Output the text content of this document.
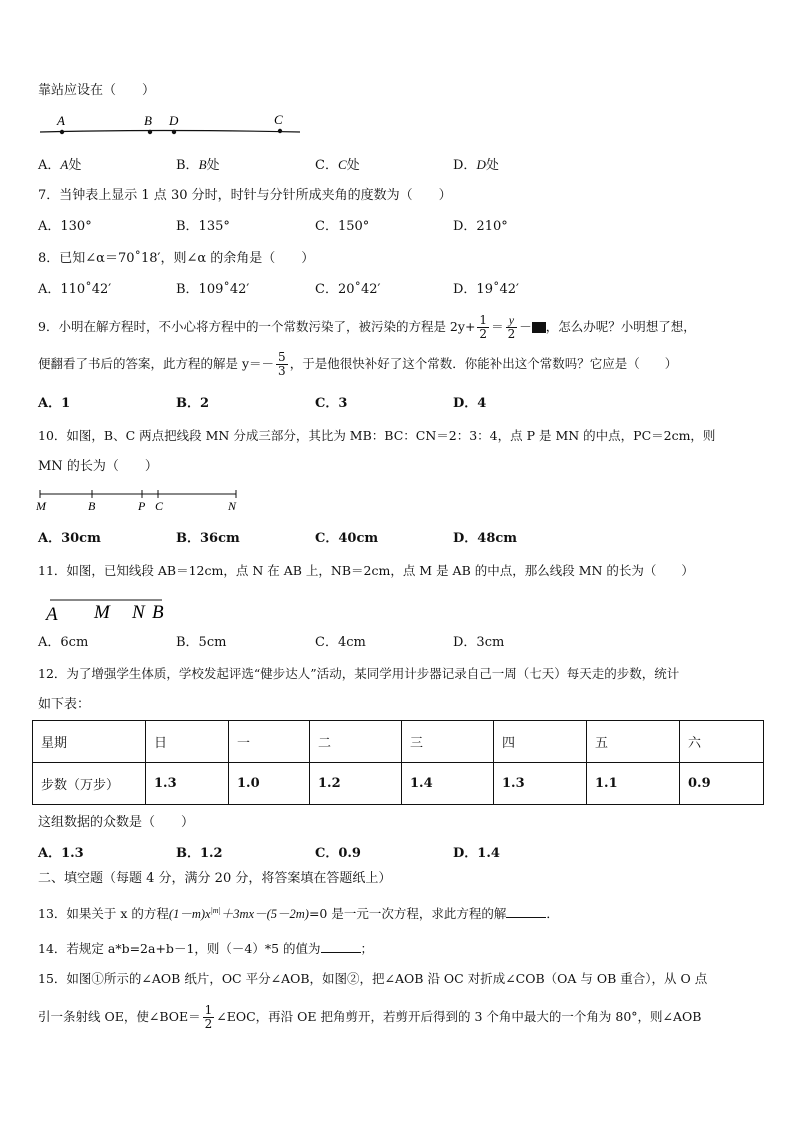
靠站应设在（　　）
A	B D	C
A．A处	B．B处	C．C处	D．D处
7．当钟表上显示 1 点 30 分时，时针与分针所成夹角的度数为（　　）
A．130°	B．135°	C．150°	D．210°
8．已知∠α＝70˚18′，则∠α 的余角是（　　）
A．110˚42′	B．109˚42′	C．20˚42′	D．19˚42′
9．小明在解方程时，不小心将方程中的一个常数污染了，被污染的方程是 $2y+ \frac{1}{2} = \frac{y}{2}$ － ，怎么办呢？小明想了想，
便翻看了书后的答案，此方程的解是 $y=- \frac{5}{3}$ ，于是他很快补好了这个常数．你能补出这个常数吗？它应是（　　）
A．1	B．2	C．3	D．4
10．如图，B、C 两点把线段 MN 分成三部分，其比为 MB：BC：CN＝2：3：4，点 P 是 MN 的中点，PC＝2cm，则
MN 的长为（　　）
M	B	P C	N
A．30cm	B．36cm	C．40cm	D．48cm
11．如图，已知线段 AB＝12cm，点 N 在 AB 上，NB＝2cm，点 M 是 AB 的中点，那么线段 MN 的长为（　　）
A M N B
A．6cm	B．5cm	C．4cm	D．3cm
12．为了增强学生体质，学校发起评选“健步达人”活动，某同学用计步器记录自己一周（七天）每天走的步数，统计
如下表：
星期	日	一	二	三	四	五	六
步数（万步）	1.3	1.0	1.2	1.4	1.3	1.1	0.9
这组数据的众数是（　　）
A．1.3	B．1.2	C．0.9	D．1.4
二、填空题（每题 4 分，满分 20 分，将答案填在答题纸上）
13．如果关于 x 的方程$(1-m)x^{|m|}+3mx-(5-2m)=0$ 是一元一次方程，求此方程的解	．
14．若规定 a*b=2a+b－1，则（－4）*5 的值为	；
15．如图①所示的∠AOB 纸片，OC 平分∠AOB，如图②，把∠AOB 沿 OC 对折成∠COB（OA 与 OB 重合），从 O 点
引一条射线 OE，使∠BOE＝ $\frac{1}{2}$ ∠EOC，再沿 OE 把角剪开，若剪开后得到的 3 个角中最大的一个角为 80°，则∠AOB
